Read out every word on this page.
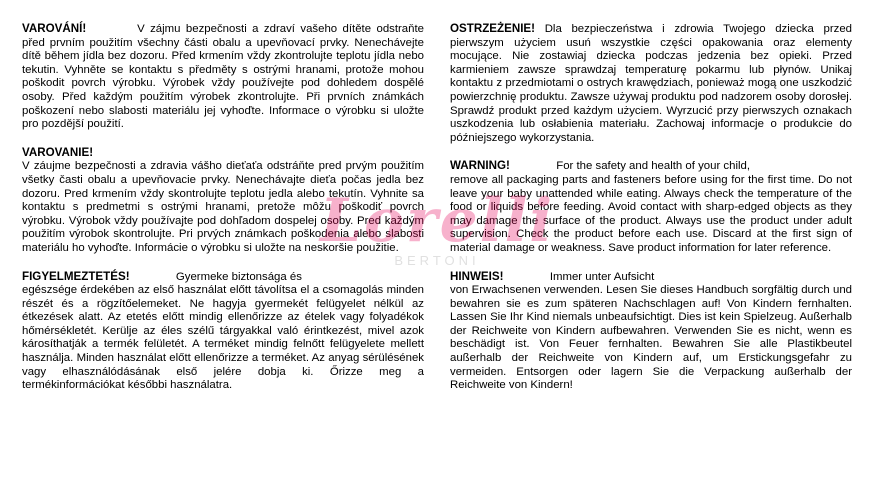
Lorelli
BERTONI

VAROVÁNÍ!	V zájmu bezpečnosti a zdraví vašeho dítěte odstraňte před prvním použitím všechny části obalu a upevňovací prvky. Nenechávejte dítě během jídla bez dozoru. Před krmením vždy zkontrolujte teplotu jídla nebo tekutin. Vyhněte se kontaktu s předměty s ostrými hranami, protože mohou poškodit povrch výrobku. Výrobek vždy používejte pod dohledem dospělé osoby. Před každým použitím výrobek zkontrolujte. Při prvních známkách poškození nebo slabosti materiálu jej vyhoďte. Informace o výrobku si uložte pro pozdější použití.

VAROVANIE!

V záujme bezpečnosti a zdravia vášho dieťaťa odstráňte pred prvým použitím všetky časti obalu a upevňovacie prvky. Nenechávajte dieťa počas jedla bez dozoru. Pred krmením vždy skontrolujte teplotu jedla alebo tekutín. Vyhnite sa kontaktu s predmetmi s ostrými hranami, pretože môžu poškodiť povrch výrobku. Výrobok vždy používajte pod dohľadom dospelej osoby. Pred každým použitím výrobok skontrolujte. Pri prvých známkach poškodenia alebo slabosti materiálu ho vyhoďte. Informácie o výrobku si uložte na neskoršie použitie.

FIGYELMEZTETÉS!	Gyermeke biztonsága és

egészsége érdekében az első használat előtt távolítsa el a csomagolás minden részét és a rögzítőelemeket. Ne hagyja gyermekét felügyelet nélkül az étkezések alatt. Az etetés előtt mindig ellenőrizze az ételek vagy folyadékok hőmérsékletét. Kerülje az éles szélű tárgyakkal való érintkezést, mivel azok károsíthatják a termék felületét. A terméket mindig felnőtt felügyelete mellett használja. Minden használat előtt ellenőrizze a terméket. Az anyag sérülésének vagy elhasználódásának első jelére dobja ki. Őrizze meg a termékinformációkat későbbi használatra.

OSTRZEŻENIE! Dla bezpieczeństwa i zdrowia Twojego dziecka przed pierwszym użyciem usuń wszystkie części opakowania oraz elementy mocujące. Nie zostawiaj dziecka podczas jedzenia bez opieki. Przed karmieniem zawsze sprawdzaj temperaturę pokarmu lub płynów. Unikaj kontaktu z przedmiotami o ostrych krawędziach, ponieważ mogą one uszkodzić powierzchnię produktu. Zawsze używaj produktu pod nadzorem osoby dorosłej. Sprawdź produkt przed każdym użyciem. Wyrzucić przy pierwszych oznakach uszkodzenia lub osłabienia materiału. Zachowaj informacje o produkcie do późniejszego wykorzystania.

WARNING!	For the safety and health of your child,

remove all packaging parts and fasteners before using for the first time. Do not leave your baby unattended while eating. Always check the temperature of the food or liquids before feeding. Avoid contact with sharp-edged objects as they may damage the surface of the product. Always use the product under adult supervision. Check the product before each use. Discard at the first sign of material damage or weakness. Save product information for later reference.

HINWEIS!	Immer unter Aufsicht

von Erwachsenen verwenden. Lesen Sie dieses Handbuch sorgfältig durch und bewahren sie es zum späteren Nachschlagen auf! Von Kindern fernhalten. Lassen Sie Ihr Kind niemals unbeaufsichtigt. Dies ist kein Spielzeug. Außerhalb der Reichweite von Kindern aufbewahren. Verwenden Sie es nicht, wenn es beschädigt ist. Von Feuer fernhalten. Bewahren Sie alle Plastikbeutel außerhalb der Reichweite von Kindern auf, um Erstickungsgefahr zu vermeiden. Entsorgen oder lagern Sie die Verpackung außerhalb der Reichweite von Kindern!
